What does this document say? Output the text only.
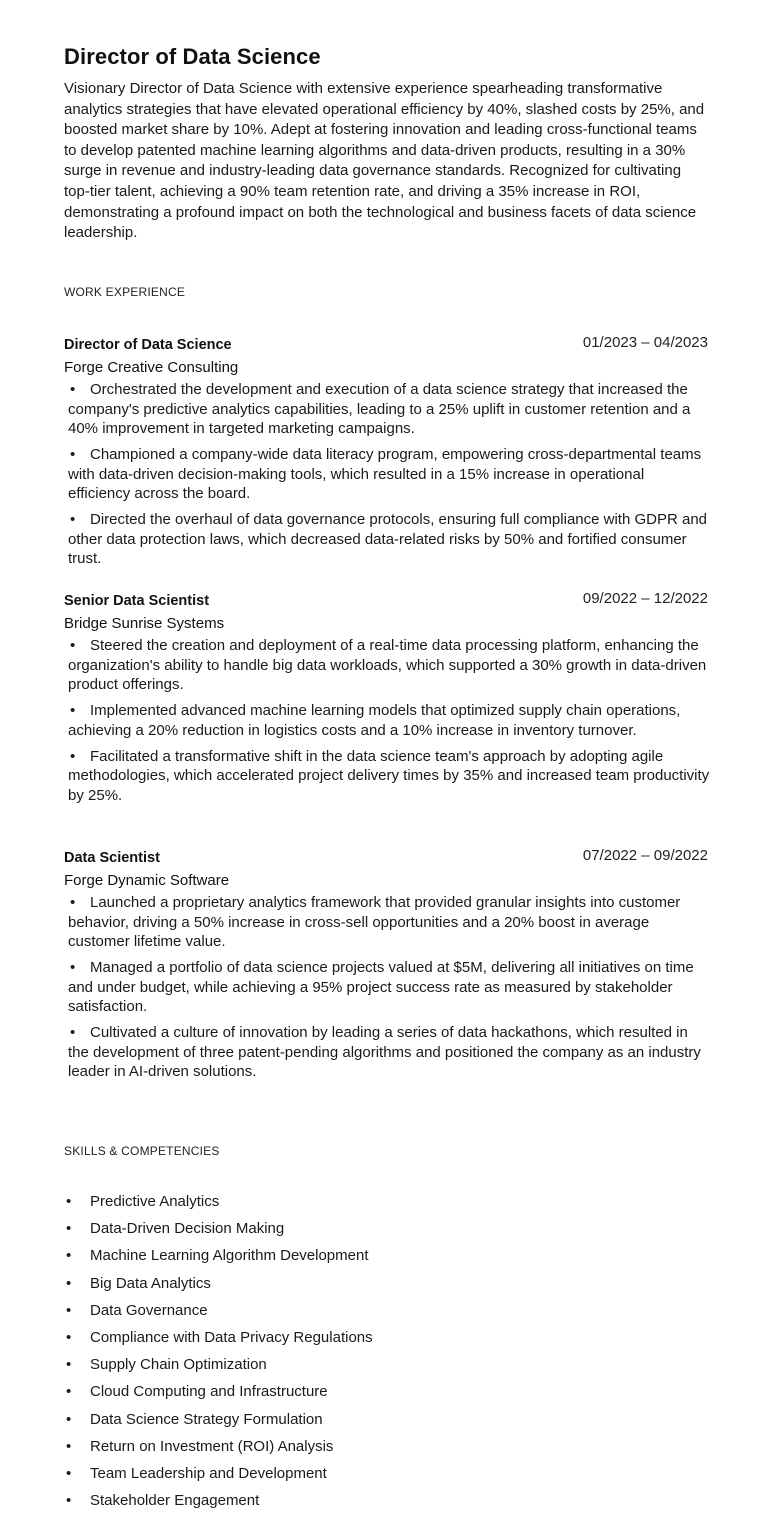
Director of Data Science

Visionary Director of Data Science with extensive experience spearheading transformative analytics strategies that have elevated operational efficiency by 40%, slashed costs by 25%, and boosted market share by 10%. Adept at fostering innovation and leading cross-functional teams to develop patented machine learning algorithms and data-driven products, resulting in a 30% surge in revenue and industry-leading data governance standards. Recognized for cultivating top-tier talent, achieving a 90% team retention rate, and driving a 35% increase in ROI, demonstrating a profound impact on both the technological and business facets of data science leadership.

WORK EXPERIENCE
Director of Data Science	01/2023 – 04/2023
Forge Creative Consulting
• Orchestrated the development and execution of a data science strategy that increased the company's predictive analytics capabilities, leading to a 25% uplift in customer retention and a 40% improvement in targeted marketing campaigns.
• Championed a company-wide data literacy program, empowering cross-departmental teams with data-driven decision-making tools, which resulted in a 15% increase in operational efficiency across the board.
• Directed the overhaul of data governance protocols, ensuring full compliance with GDPR and other data protection laws, which decreased data-related risks by 50% and fortified consumer trust.
Senior Data Scientist	09/2022 – 12/2022
Bridge Sunrise Systems
• Steered the creation and deployment of a real-time data processing platform, enhancing the organization's ability to handle big data workloads, which supported a 30% growth in data-driven product offerings.
• Implemented advanced machine learning models that optimized supply chain operations, achieving a 20% reduction in logistics costs and a 10% increase in inventory turnover.
• Facilitated a transformative shift in the data science team's approach by adopting agile methodologies, which accelerated project delivery times by 35% and increased team productivity by 25%.
Data Scientist	07/2022 – 09/2022
Forge Dynamic Software
• Launched a proprietary analytics framework that provided granular insights into customer behavior, driving a 50% increase in cross-sell opportunities and a 20% boost in average customer lifetime value.
• Managed a portfolio of data science projects valued at $5M, delivering all initiatives on time and under budget, while achieving a 95% project success rate as measured by stakeholder satisfaction.
• Cultivated a culture of innovation by leading a series of data hackathons, which resulted in the development of three patent-pending algorithms and positioned the company as an industry leader in AI-driven solutions.
SKILLS & COMPETENCIES
• Predictive Analytics
• Data-Driven Decision Making
• Machine Learning Algorithm Development
• Big Data Analytics
• Data Governance
• Compliance with Data Privacy Regulations
• Supply Chain Optimization
• Cloud Computing and Infrastructure
• Data Science Strategy Formulation
• Return on Investment (ROI) Analysis
• Team Leadership and Development
• Stakeholder Engagement
